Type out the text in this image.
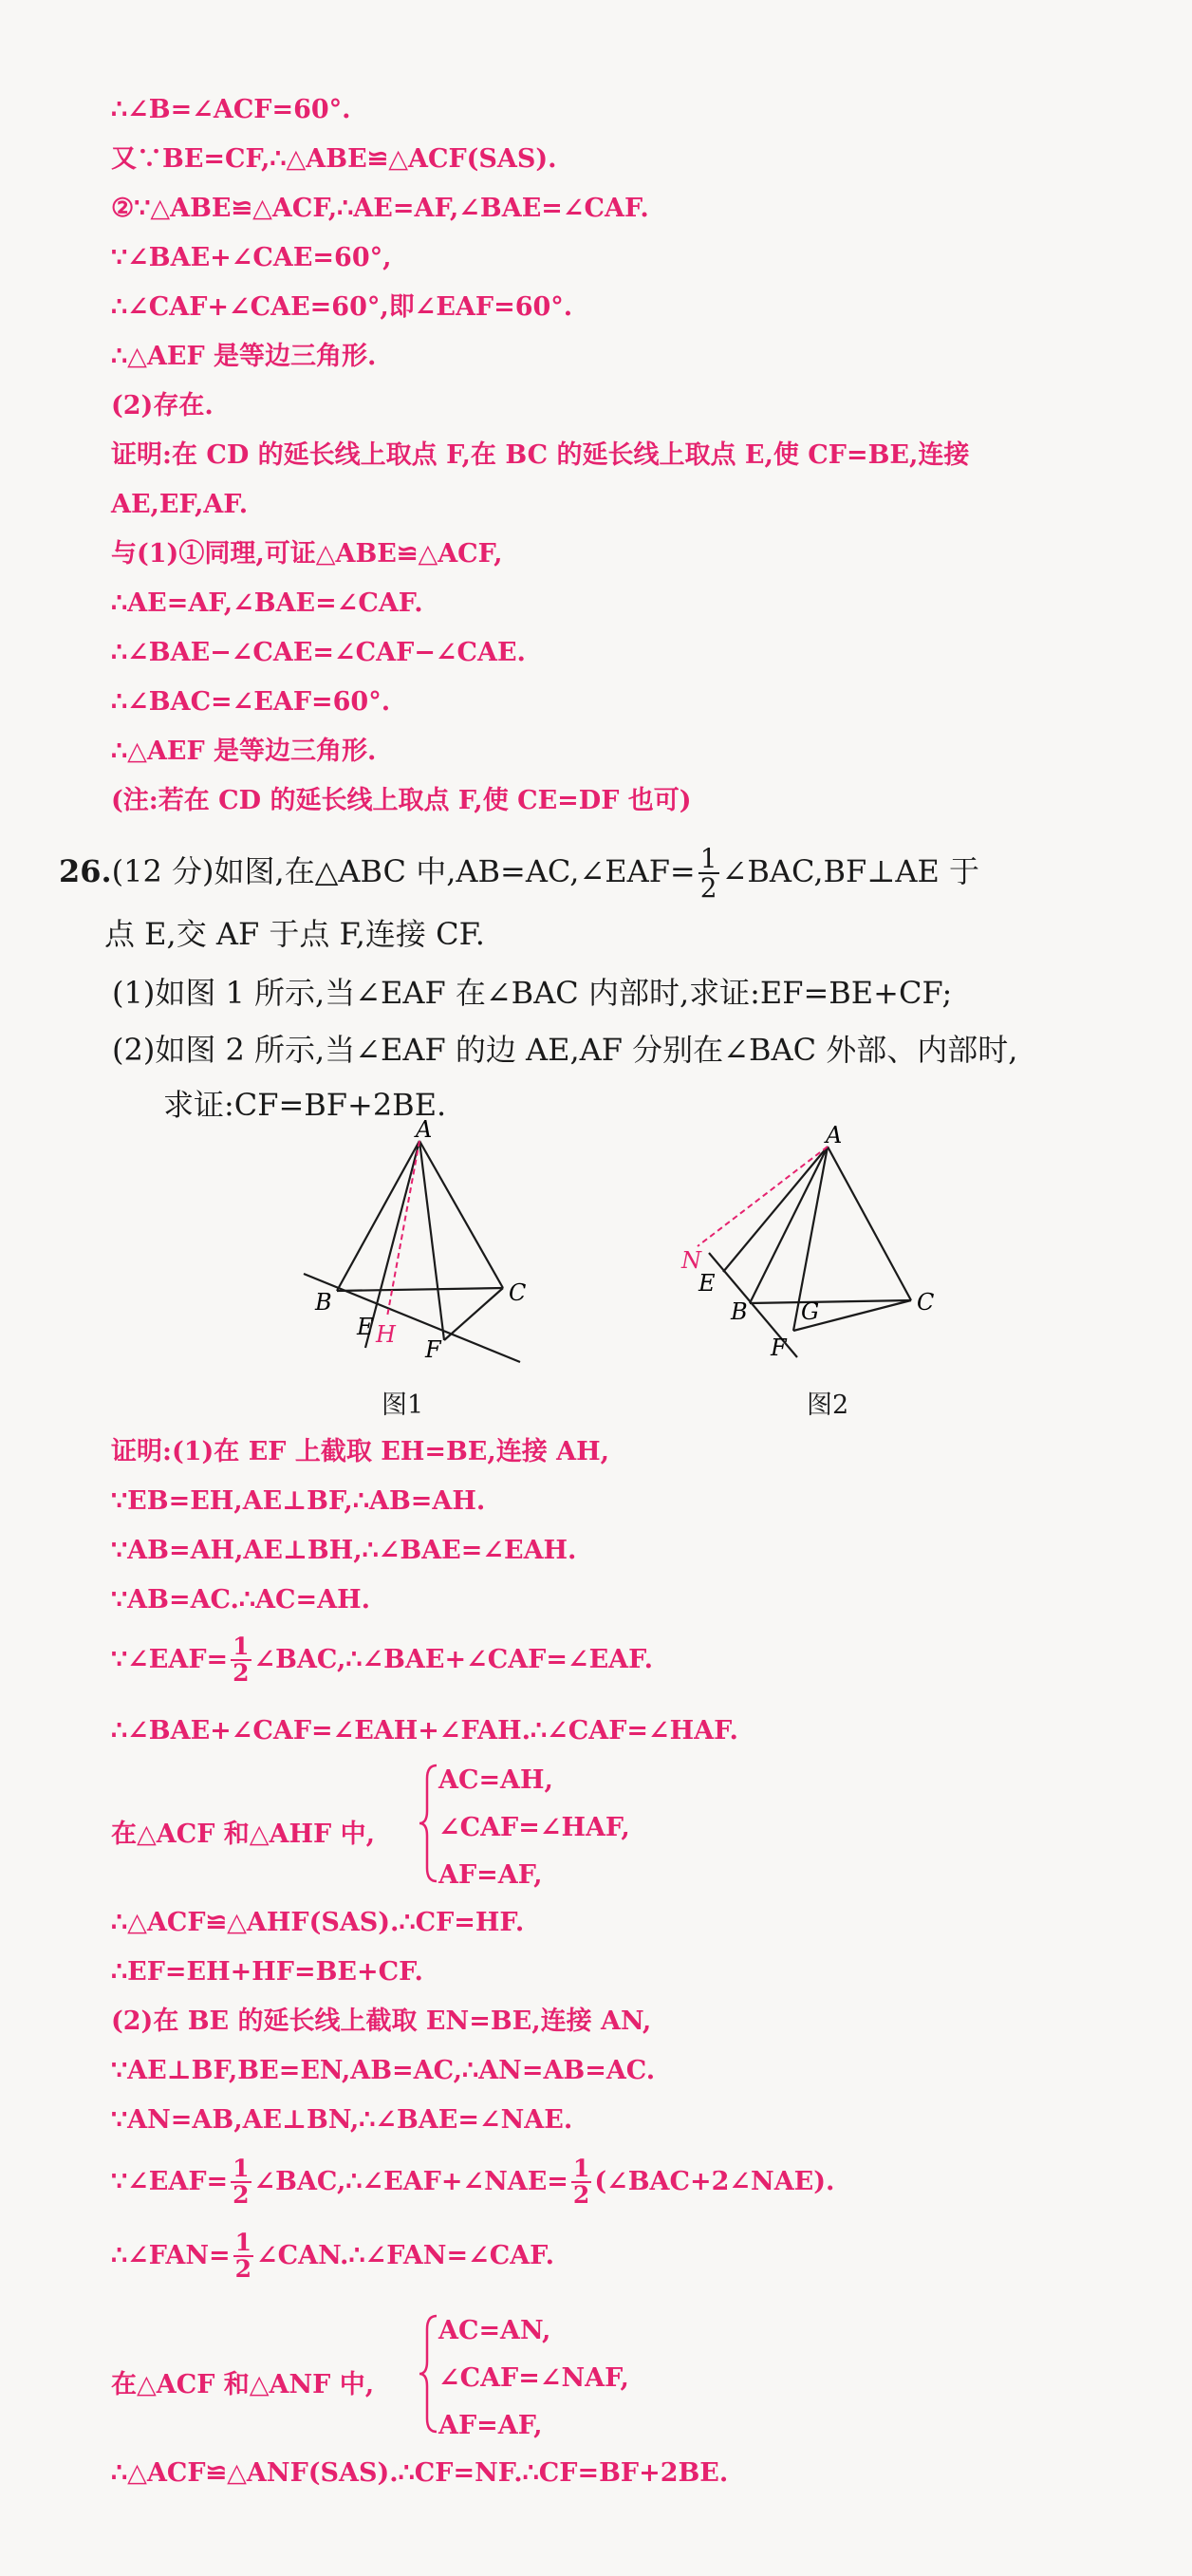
∴∠B=∠ACF=60°.
又∵BE=CF,∴△ABE≌△ACF(SAS).
②∵△ABE≌△ACF,∴AE=AF,∠BAE=∠CAF.
∵∠BAE+∠CAE=60°,
∴∠CAF+∠CAE=60°,即∠EAF=60°.
∴△AEF 是等边三角形.
(2)存在.
证明:在 CD 的延长线上取点 F,在 BC 的延长线上取点 E,使 CF=BE,连接
AE,EF,AF.
与(1)①同理,可证△ABE≌△ACF,
∴AE=AF,∠BAE=∠CAF.
∴∠BAE−∠CAE=∠CAF−∠CAE.
∴∠BAC=∠EAF=60°.
∴△AEF 是等边三角形.
(注:若在 CD 的延长线上取点 F,使 CE=DF 也可)
26.(12 分)如图,在△ABC 中,AB=AC,∠EAF= $\frac{1}{2}$ ∠BAC,BF⊥AE 于
点 E,交 AF 于点 F,连接 CF.
(1)如图 1 所示,当∠EAF 在∠BAC 内部时,求证:EF=BE+CF;
(2)如图 2 所示,当∠EAF 的边 AE,AF 分别在∠BAC 外部、内部时,
求证:CF=BF+2BE.
A
B	C
E
F
H
图1
A
B	C
E
F
G
N
图2
证明:(1)在 EF 上截取 EH=BE,连接 AH,
∵EB=EH,AE⊥BF,∴AB=AH.
∵AB=AH,AE⊥BH,∴∠BAE=∠EAH.
∵AB=AC.∴AC=AH.
∵∠EAF= $\frac{1}{2}$ ∠BAC,∴∠BAE+∠CAF=∠EAF.
∴∠BAE+∠CAF=∠EAH+∠FAH.∴∠CAF=∠HAF.
在△ACF 和△AHF 中,
AC=AH,
∠CAF=∠HAF,
AF=AF,
∴△ACF≌△AHF(SAS).∴CF=HF.
∴EF=EH+HF=BE+CF.
(2)在 BE 的延长线上截取 EN=BE,连接 AN,
∵AE⊥BF,BE=EN,AB=AC,∴AN=AB=AC.
∵AN=AB,AE⊥BN,∴∠BAE=∠NAE.
∵∠EAF= $\frac{1}{2}$ ∠BAC,∴∠EAF+∠NAE= $\frac{1}{2}$ (∠BAC+2∠NAE).
∴∠FAN= $\frac{1}{2}$ ∠CAN.∴∠FAN=∠CAF.
在△ACF 和△ANF 中,
AC=AN,
∠CAF=∠NAF,
AF=AF,
∴△ACF≌△ANF(SAS).∴CF=NF.∴CF=BF+2BE.
